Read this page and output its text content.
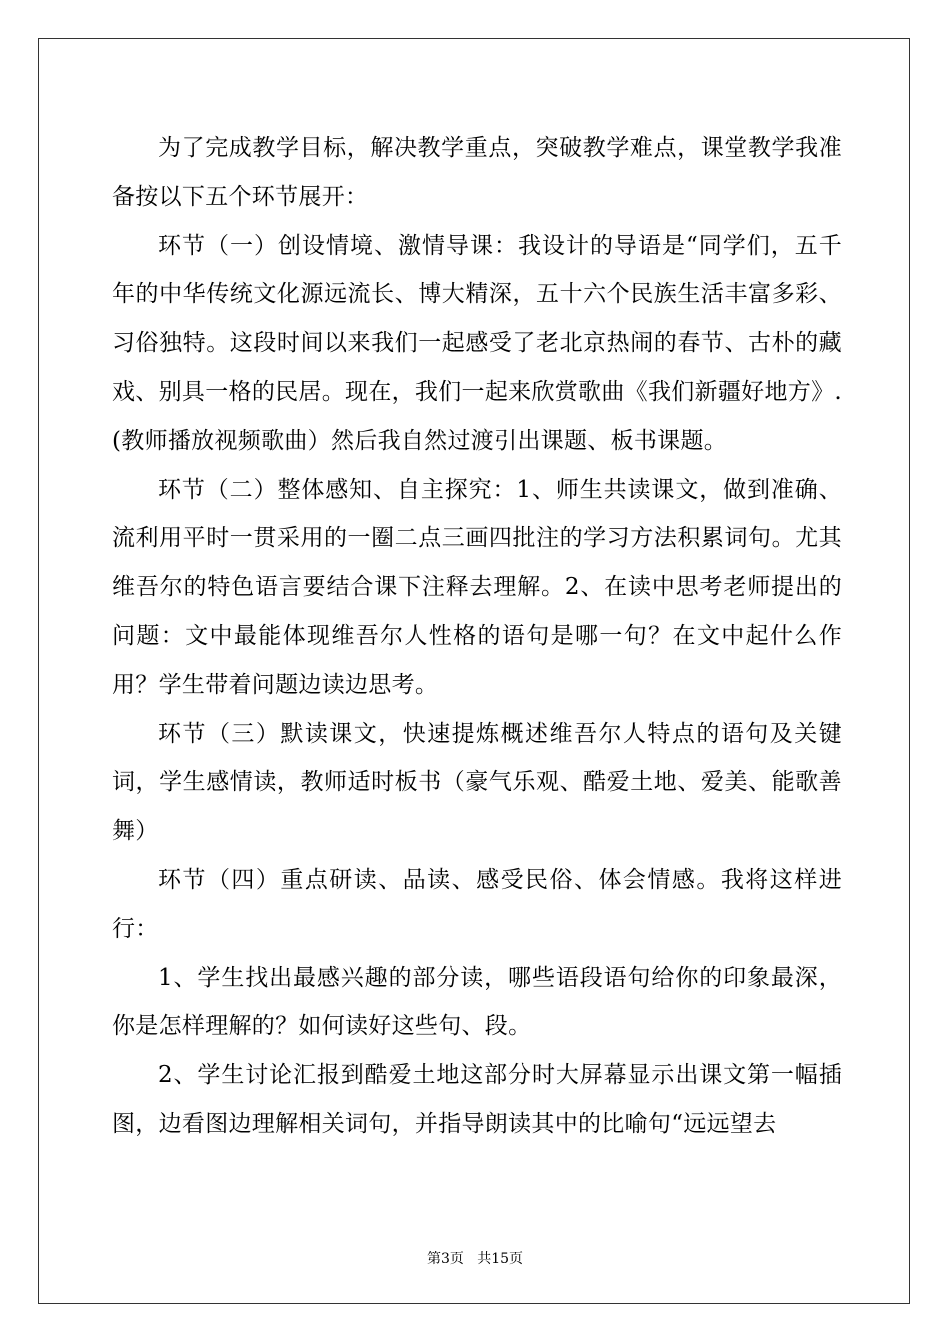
为了完成教学目标，解决教学重点，突破教学难点，课堂教学我准备按以下五个环节展开：

环节（一）创设情境、激情导课：我设计的导语是“同学们，五千年的中华传统文化源远流长、博大精深，五十六个民族生活丰富多彩、习俗独特。这段时间以来我们一起感受了老北京热闹的春节、古朴的藏戏、别具一格的民居。现在，我们一起来欣赏歌曲《我们新疆好地方》.(教师播放视频歌曲）然后我自然过渡引出课题、板书课题。

环节（二）整体感知、自主探究：1、师生共读课文，做到准确、流利用平时一贯采用的一圈二点三画四批注的学习方法积累词句。尤其维吾尔的特色语言要结合课下注释去理解。2、在读中思考老师提出的问题：文中最能体现维吾尔人性格的语句是哪一句？在文中起什么作用？学生带着问题边读边思考。

环节（三）默读课文，快速提炼概述维吾尔人特点的语句及关键词，学生感情读，教师适时板书（豪气乐观、酷爱土地、爱美、能歌善舞）

环节（四）重点研读、品读、感受民俗、体会情感。我将这样进行：

1、学生找出最感兴趣的部分读，哪些语段语句给你的印象最深，你是怎样理解的？如何读好这些句、段。

2、学生讨论汇报到酷爱土地这部分时大屏幕显示出课文第一幅插图，边看图边理解相关词句，并指导朗读其中的比喻句“远远望去

第3页   共15页
